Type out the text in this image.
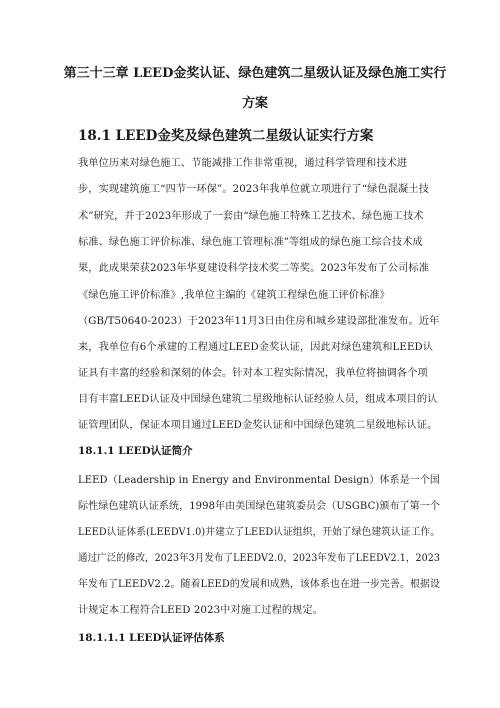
第三十三章 LEED金奖认证、绿色建筑二星级认证及绿色施工实行
方案
18.1 LEED金奖及绿色建筑二星级认证实行方案
我单位历来对绿色施工、节能减排工作非常重视，通过科学管理和技术进
步，实现建筑施工“四节一环保”。2023年我单位就立项进行了“绿色混凝土技
术”研究，并于2023年形成了一套由“绿色施工特殊工艺技术、绿色施工技术
标准、绿色施工评价标准、绿色施工管理标准”等组成的绿色施工综合技术成
果，此成果荣获2023年华夏建设科学技术奖二等奖。2023年发布了公司标准
《绿色施工评价标准》,我单位主编的《建筑工程绿色施工评价标准》
（GB/T50640-2023）于2023年11月3日由住房和城乡建设部批准发布。近年
来，我单位有6个承建的工程通过LEED金奖认证，因此对绿色建筑和LEED认
证具有丰富的经验和深刻的体会。针对本工程实际情况，我单位将抽调各个项
目有丰富LEED认证及中国绿色建筑二星级地标认证经验人员，组成本项目的认
证管理团队，保证本项目通过LEED金奖认证和中国绿色建筑二星级地标认证。
18.1.1 LEED认证简介
LEED（Leadership in Energy and Environmental Design）体系是一个国
际性绿色建筑认证系统，1998年由美国绿色建筑委员会（USGBC)颁布了第一个
LEED认证体系(LEEDV1.0)并建立了LEED认证组织，开始了绿色建筑认证工作。
通过广泛的修改，2023年3月发布了LEEDV2.0，2023年发布了LEEDV2.1，2023
年发布了LEEDV2.2。随着LEED的发展和成熟，该体系也在进一步完善。根据设
计规定本工程符合LEED 2023中对施工过程的规定。
18.1.1.1 LEED认证评估体系
